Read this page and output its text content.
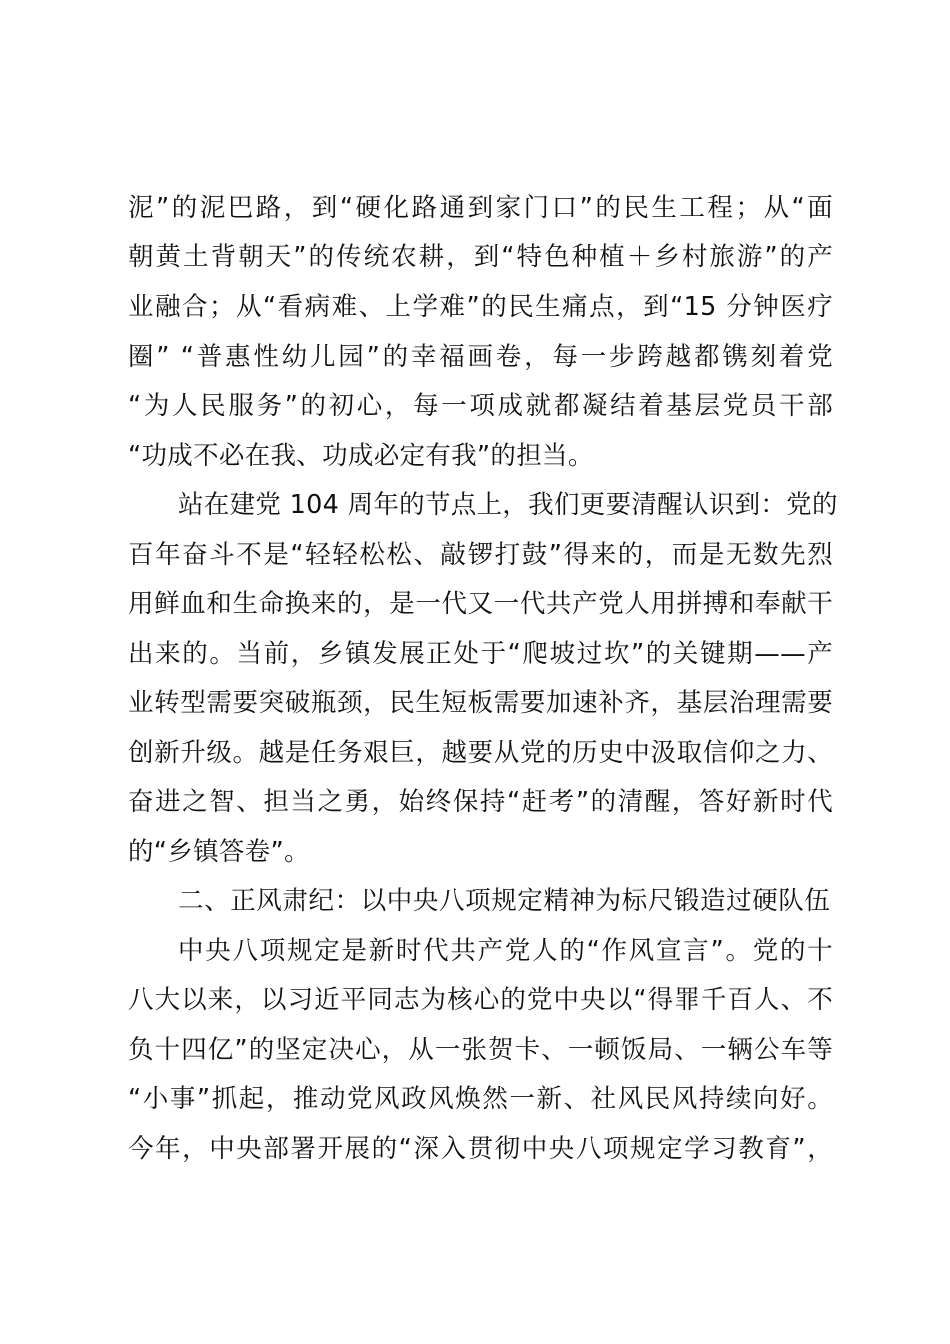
泥”的泥巴路，到“硬化路通到家门口”的民生工程；从“面
朝黄土背朝天”的传统农耕，到“特色种植＋乡村旅游”的产
业融合；从“看病难、上学难”的民生痛点，到“15 分钟医疗
圈” “普惠性幼儿园”的幸福画卷，每一步跨越都镌刻着党
“为人民服务”的初心，每一项成就都凝结着基层党员干部
“功成不必在我、功成必定有我”的担当。
站在建党 104 周年的节点上，我们更要清醒认识到：党的
百年奋斗不是“轻轻松松、敲锣打鼓”得来的，而是无数先烈
用鲜血和生命换来的，是一代又一代共产党人用拼搏和奉献干
出来的。当前，乡镇发展正处于“爬坡过坎”的关键期——产
业转型需要突破瓶颈，民生短板需要加速补齐，基层治理需要
创新升级。越是任务艰巨，越要从党的历史中汲取信仰之力、
奋进之智、担当之勇，始终保持“赶考”的清醒，答好新时代
的“乡镇答卷”。
二、正风肃纪：以中央八项规定精神为标尺锻造过硬队伍
中央八项规定是新时代共产党人的“作风宣言”。党的十
八大以来，以习近平同志为核心的党中央以“得罪千百人、不
负十四亿”的坚定决心，从一张贺卡、一顿饭局、一辆公车等
“小事”抓起，推动党风政风焕然一新、社风民风持续向好。
今年，中央部署开展的“深入贯彻中央八项规定学习教育”，
